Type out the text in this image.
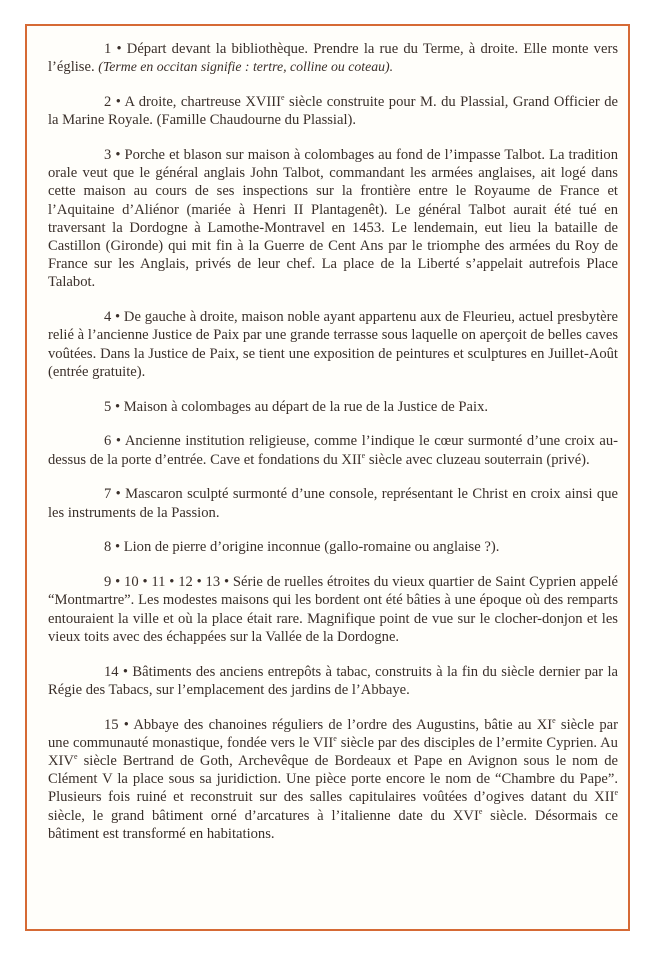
1 • Départ devant la bibliothèque. Prendre la rue du Terme, à droite. Elle monte vers l’église. (Terme en occitan signifie : tertre, colline ou coteau).

2 • A droite, chartreuse XVIIIe siècle construite pour M. du Plassial, Grand Officier de la Marine Royale. (Famille Chaudourne du Plassial).

3 • Porche et blason sur maison à colombages au fond de l’impasse Talbot. La tradition orale veut que le général anglais John Talbot, commandant les armées anglaises, ait logé dans cette maison au cours de ses inspections sur la frontière entre le Royaume de France et l’Aquitaine d’Aliénor (mariée à Henri II Plantagenêt). Le général Talbot aurait été tué en traversant la Dordogne à Lamothe-Montravel en 1453. Le lendemain, eut lieu la bataille de Castillon (Gironde) qui mit fin à la Guerre de Cent Ans par le triomphe des armées du Roy de France sur les Anglais, privés de leur chef. La place de la Liberté s’appelait autrefois Place Talabot.

4 • De gauche à droite, maison noble ayant appartenu aux de Fleurieu, actuel presbytère relié à l’ancienne Justice de Paix par une grande terrasse sous laquelle on aperçoit de belles caves voûtées. Dans la Justice de Paix, se tient une exposition de peintures et sculptures en Juillet-Août (entrée gratuite).

5 • Maison à colombages au départ de la rue de la Justice de Paix.

6 • Ancienne institution religieuse, comme l’indique le cœur surmonté d’une croix au-dessus de la porte d’entrée. Cave et fondations du XIIe siècle avec cluzeau souterrain (privé).

7 • Mascaron sculpté surmonté d’une console, représentant le Christ en croix ainsi que les instruments de la Passion.

8 • Lion de pierre d’origine inconnue (gallo-romaine ou anglaise ?).

9 • 10 • 11 • 12 • 13 • Série de ruelles étroites du vieux quartier de Saint Cyprien appelé “Montmartre”. Les modestes maisons qui les bordent ont été bâties à une époque où des remparts entouraient la ville et où la place était rare. Magnifique point de vue sur le clocher-donjon et les vieux toits avec des échappées sur la Vallée de la Dordogne.

14 • Bâtiments des anciens entrepôts à tabac, construits à la fin du siècle dernier par la Régie des Tabacs, sur l’emplacement des jardins de l’Abbaye.

15 • Abbaye des chanoines réguliers de l’ordre des Augustins, bâtie au XIe siècle par une communauté monastique, fondée vers le VIIe siècle par des disciples de l’ermite Cyprien. Au XIVe siècle Bertrand de Goth, Archevêque de Bordeaux et Pape en Avignon sous le nom de Clément V la place sous sa juridiction. Une pièce porte encore le nom de “Chambre du Pape”. Plusieurs fois ruiné et reconstruit sur des salles capitulaires voûtées d’ogives datant du XIIe siècle, le grand bâtiment orné d’arcatures à l’italienne date du XVIe siècle. Désormais ce bâtiment est transformé en habitations.
